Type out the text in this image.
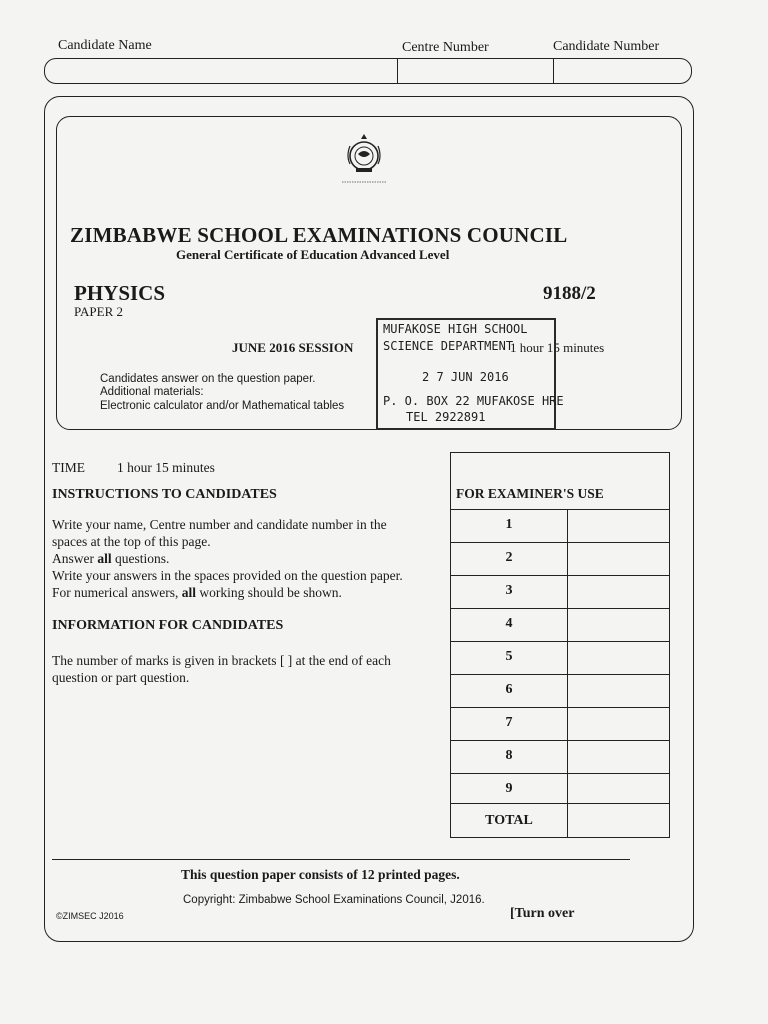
Candidate Name	Centre Number	Candidate Number
ZIMBABWE SCHOOL EXAMINATIONS COUNCIL
General Certificate of Education Advanced Level
PHYSICS	9188/2
PAPER 2
JUNE 2016 SESSION	1 hour 15 minutes
Candidates answer on the question paper.
Additional materials:
Electronic calculator and/or Mathematical tables
MUFAKOSE HIGH SCHOOL
SCIENCE DEPARTMENT
2 7 JUN 2016
P. O. BOX 22 MUFAKOSE HRE
TEL 2922891
TIME 1 hour 15 minutes
INSTRUCTIONS TO CANDIDATES
Write your name, Centre number and candidate number in the
spaces at the top of this page.
Answer all questions.
Write your answers in the spaces provided on the question paper.
For numerical answers, all working should be shown.
INFORMATION FOR CANDIDATES
The number of marks is given in brackets [ ] at the end of each
question or part question.
FOR EXAMINER'S USE
1
2
3
4
5
6
7
8
9
TOTAL
This question paper consists of 12 printed pages.
Copyright: Zimbabwe School Examinations Council, J2016.
©ZIMSEC J2016	[Turn over
